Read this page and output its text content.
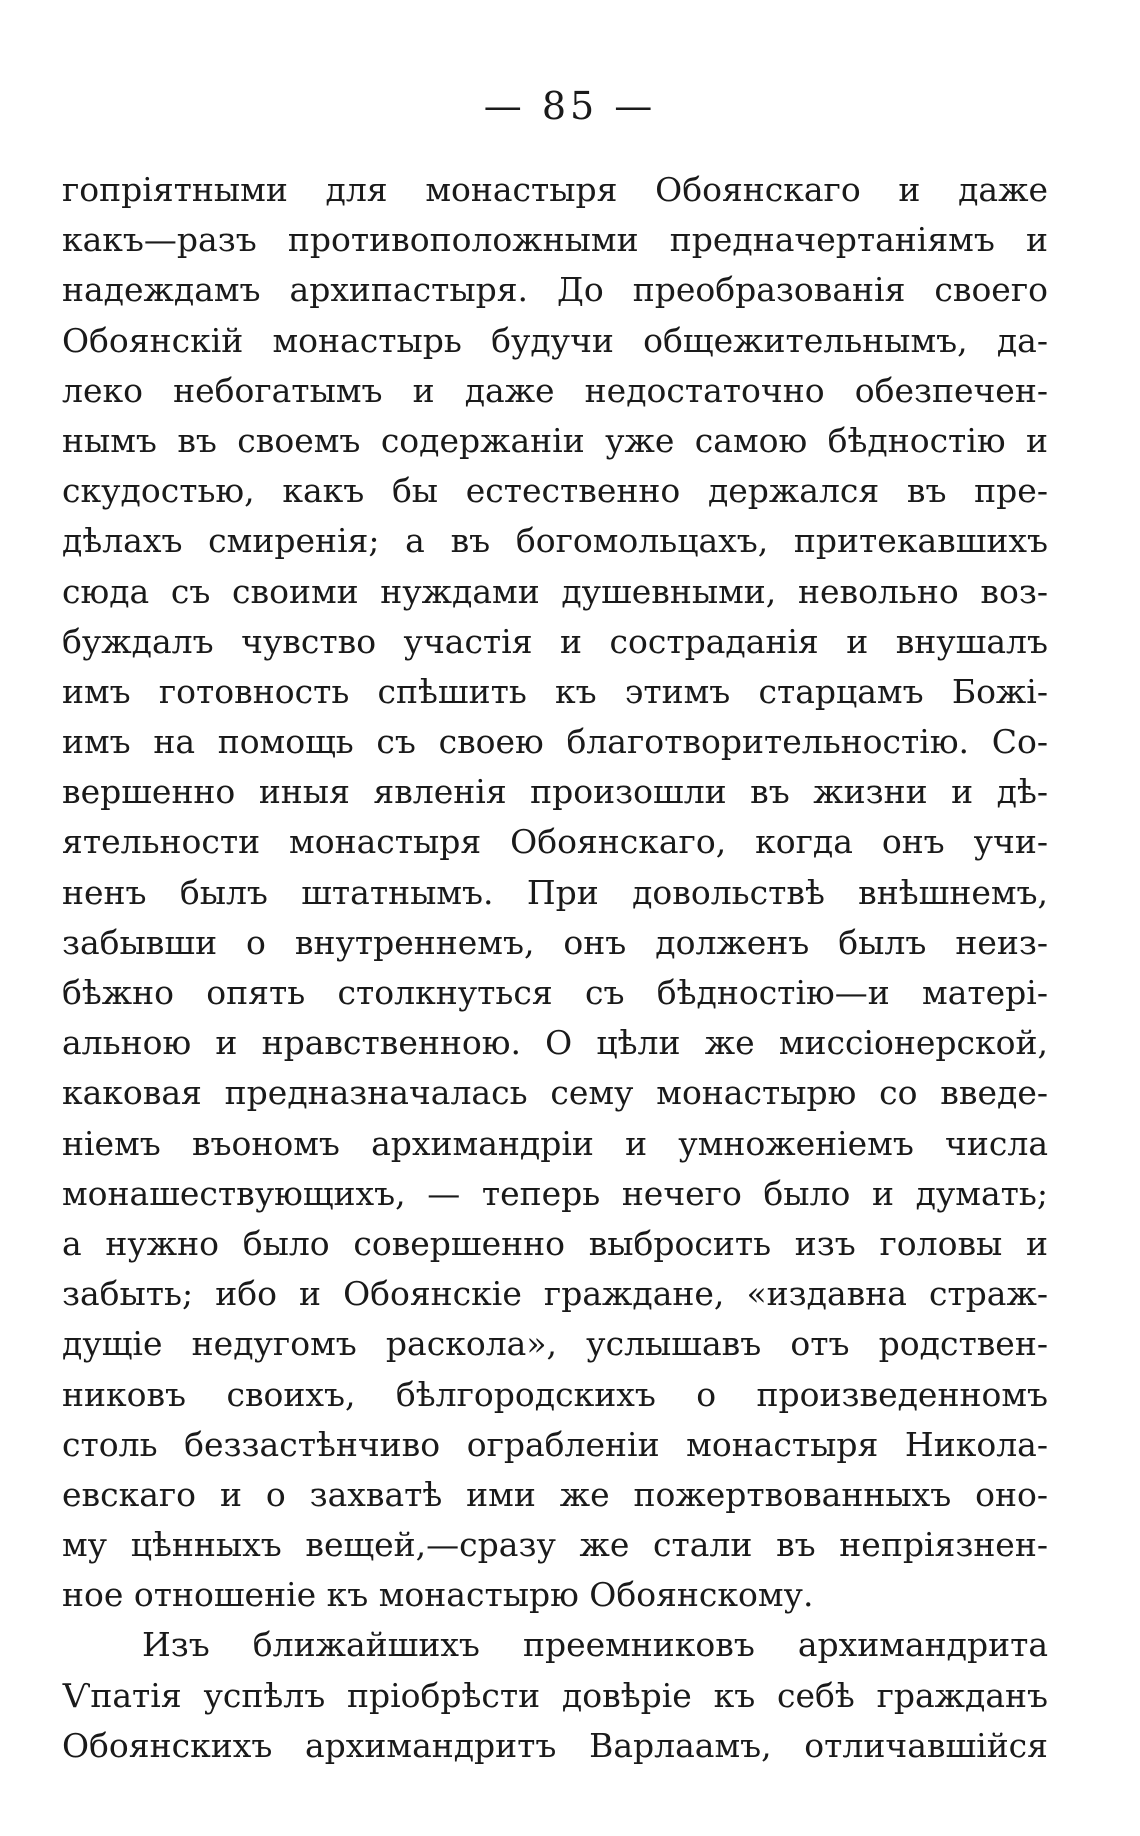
— 85 —
гопріятными для монастыря Обоянскаго и даже
какъ—разъ противоположными предначертаніямъ и
надеждамъ архипастыря. До преобразованія своего
Обоянскій монастырь будучи общежительнымъ, да-
леко небогатымъ и даже недостаточно обезпечен-
нымъ въ своемъ содержаніи уже самою бѣдностію и
скудостью, какъ бы естественно держался въ пре-
дѣлахъ смиренія; а въ богомольцахъ, притекавшихъ
сюда съ своими нуждами душевными, невольно воз-
буждалъ чувство участія и состраданія и внушалъ
имъ готовность спѣшить къ этимъ старцамъ Божі-
имъ на помощь съ своею благотворительностію. Со-
вершенно иныя явленія произошли въ жизни и дѣ-
ятельности монастыря Обоянскаго, когда онъ учи-
ненъ былъ штатнымъ. При довольствѣ внѣшнемъ,
забывши о внутреннемъ, онъ долженъ былъ неиз-
бѣжно опять столкнуться съ бѣдностію—и матері-
альною и нравственною. О цѣли же миссіонерской,
каковая предназначалась сему монастырю со введе-
ніемъ въономъ архимандріи и умноженіемъ числа
монашествующихъ, — теперь нечего было и думать;
а нужно было совершенно выбросить изъ головы и
забыть; ибо и Обоянскіе граждане, «издавна страж-
дущіе недугомъ раскола», услышавъ отъ родствен-
никовъ своихъ, бѣлгородскихъ о произведенномъ
столь беззастѣнчиво ограбленіи монастыря Никола-
евскаго и о захватѣ ими же пожертвованныхъ оно-
му цѣнныхъ вещей,—сразу же стали въ непріязнен-
ное отношеніе къ монастырю Обоянскому.
Изъ ближайшихъ преемниковъ архимандрита
Ѵпатія успѣлъ пріобрѣсти довѣріе къ себѣ гражданъ
Обоянскихъ архимандритъ Варлаамъ, отличавшійся
